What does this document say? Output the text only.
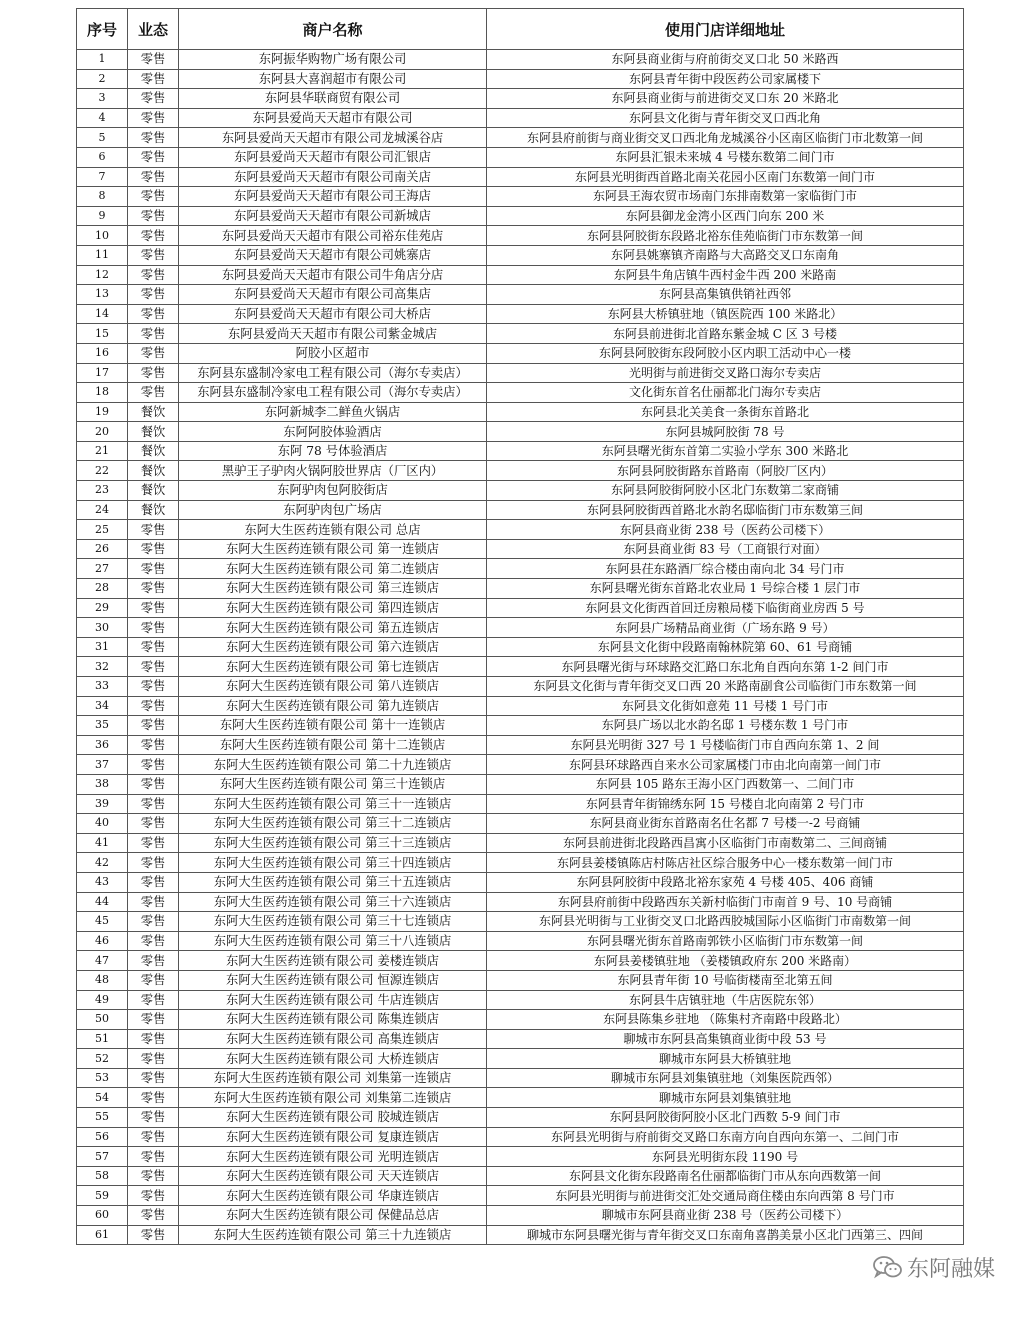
序号	业态	商户名称	使用门店详细地址
1	零售	东阿振华购物广场有限公司	东阿县商业街与府前街交叉口北 50 米路西
2	零售	东阿县大喜润超市有限公司	东阿县青年街中段医药公司家属楼下
3	零售	东阿县华联商贸有限公司	东阿县商业街与前进街交叉口东 20 米路北
4	零售	东阿县爱尚天天超市有限公司	东阿县文化街与青年街交叉口西北角
5	零售	东阿县爱尚天天超市有限公司龙城溪谷店	东阿县府前街与商业街交叉口西北角龙城溪谷小区南区临街门市北数第一间
6	零售	东阿县爱尚天天超市有限公司汇银店	东阿县汇银未来城 4 号楼东数第二间门市
7	零售	东阿县爱尚天天超市有限公司南关店	东阿县光明街西首路北南关花园小区南门东数第一间门市
8	零售	东阿县爱尚天天超市有限公司王海店	东阿县王海农贸市场南门东排南数第一家临街门市
9	零售	东阿县爱尚天天超市有限公司新城店	东阿县御龙金湾小区西门向东 200 米
10	零售	东阿县爱尚天天超市有限公司裕东佳苑店	东阿县阿胶街东段路北裕东佳苑临街门市东数第一间
11	零售	东阿县爱尚天天超市有限公司姚寨店	东阿县姚寨镇齐南路与大高路交叉口东南角
12	零售	东阿县爱尚天天超市有限公司牛角店分店	东阿县牛角店镇牛西村金牛西 200 米路南
13	零售	东阿县爱尚天天超市有限公司高集店	东阿县高集镇供销社西邻
14	零售	东阿县爱尚天天超市有限公司大桥店	东阿县大桥镇驻地（镇医院西 100 米路北）
15	零售	东阿县爱尚天天超市有限公司紫金城店	东阿县前进街北首路东紫金城 C 区 3 号楼
16	零售	阿胶小区超市	东阿县阿胶街东段阿胶小区内职工活动中心一楼
17	零售	东阿县东盛制冷家电工程有限公司（海尔专卖店）	光明街与前进街交叉路口海尔专卖店
18	零售	东阿县东盛制冷家电工程有限公司（海尔专卖店）	文化街东首名仕丽都北门海尔专卖店
19	餐饮	东阿新城李二鲜鱼火锅店	东阿县北关美食一条街东首路北
20	餐饮	东阿阿胶体验酒店	东阿县城阿胶街 78 号
21	餐饮	东阿 78 号体验酒店	东阿县曙光街东首第二实验小学东 300 米路北
22	餐饮	黑驴王子驴肉火锅阿胶世界店（厂区内）	东阿县阿胶街路东首路南（阿胶厂区内）
23	餐饮	东阿驴肉包阿胶街店	东阿县阿胶街阿胶小区北门东数第二家商铺
24	餐饮	东阿驴肉包广场店	东阿县阿胶街西首路北水韵名邸临街门市东数第三间
25	零售	东阿大生医药连锁有限公司 总店	东阿县商业街 238 号（医药公司楼下）
26	零售	东阿大生医药连锁有限公司 第一连锁店	东阿县商业街 83 号（工商银行对面）
27	零售	东阿大生医药连锁有限公司 第二连锁店	东阿县茌东路酒厂综合楼由南向北 34 号门市
28	零售	东阿大生医药连锁有限公司 第三连锁店	东阿县曙光街东首路北农业局 1 号综合楼 1 层门市
29	零售	东阿大生医药连锁有限公司 第四连锁店	东阿县文化街西首回迁房粮局楼下临街商业房西 5 号
30	零售	东阿大生医药连锁有限公司 第五连锁店	东阿县广场精品商业街（广场东路 9 号）
31	零售	东阿大生医药连锁有限公司 第六连锁店	东阿县文化街中段路南翰林院第 60、61 号商铺
32	零售	东阿大生医药连锁有限公司 第七连锁店	东阿县曙光街与环球路交汇路口东北角自西向东第 1-2 间门市
33	零售	东阿大生医药连锁有限公司 第八连锁店	东阿县文化街与青年街交叉口西 20 米路南副食公司临街门市东数第一间
34	零售	东阿大生医药连锁有限公司 第九连锁店	东阿县文化街如意苑 11 号楼 1 号门市
35	零售	东阿大生医药连锁有限公司 第十一连锁店	东阿县广场以北水韵名邸 1 号楼东数 1 号门市
36	零售	东阿大生医药连锁有限公司 第十二连锁店	东阿县光明街 327 号 1 号楼临街门市自西向东第 1、2 间
37	零售	东阿大生医药连锁有限公司 第二十九连锁店	东阿县环球路西自来水公司家属楼门市由北向南第一间门市
38	零售	东阿大生医药连锁有限公司 第三十连锁店	东阿县 105 路东王海小区门西数第一、二间门市
39	零售	东阿大生医药连锁有限公司 第三十一连锁店	东阿县青年街锦绣东阿 15 号楼自北向南第 2 号门市
40	零售	东阿大生医药连锁有限公司 第三十二连锁店	东阿县商业街东首路南名仕名都 7 号楼一-2 号商铺
41	零售	东阿大生医药连锁有限公司 第三十三连锁店	东阿县前进街北段路西昌寓小区临街门市南数第二、三间商铺
42	零售	东阿大生医药连锁有限公司 第三十四连锁店	东阿县姜楼镇陈店村陈店社区综合服务中心一楼东数第一间门市
43	零售	东阿大生医药连锁有限公司 第三十五连锁店	东阿县阿胶街中段路北裕东家苑 4 号楼 405、406 商铺
44	零售	东阿大生医药连锁有限公司 第三十六连锁店	东阿县府前街中段路西东关新村临街门市南首 9 号、10 号商铺
45	零售	东阿大生医药连锁有限公司 第三十七连锁店	东阿县光明街与工业街交叉口北路西胶城国际小区临街门市南数第一间
46	零售	东阿大生医药连锁有限公司 第三十八连锁店	东阿县曙光街东首路南郭铁小区临街门市东数第一间
47	零售	东阿大生医药连锁有限公司 姜楼连锁店	东阿县姜楼镇驻地 （姜楼镇政府东 200 米路南）
48	零售	东阿大生医药连锁有限公司 恒源连锁店	东阿县青年街 10 号临街楼南至北第五间
49	零售	东阿大生医药连锁有限公司 牛店连锁店	东阿县牛店镇驻地（牛店医院东邻）
50	零售	东阿大生医药连锁有限公司 陈集连锁店	东阿县陈集乡驻地 （陈集村齐南路中段路北）
51	零售	东阿大生医药连锁有限公司 高集连锁店	聊城市东阿县高集镇商业街中段 53 号
52	零售	东阿大生医药连锁有限公司 大桥连锁店	聊城市东阿县大桥镇驻地
53	零售	东阿大生医药连锁有限公司 刘集第一连锁店	聊城市东阿县刘集镇驻地（刘集医院西邻）
54	零售	东阿大生医药连锁有限公司 刘集第二连锁店	聊城市东阿县刘集镇驻地
55	零售	东阿大生医药连锁有限公司 胶城连锁店	东阿县阿胶街阿胶小区北门西数 5-9 间门市
56	零售	东阿大生医药连锁有限公司 复康连锁店	东阿县光明街与府前街交叉路口东南方向自西向东第一、二间门市
57	零售	东阿大生医药连锁有限公司 光明连锁店	东阿县光明街东段 1190 号
58	零售	东阿大生医药连锁有限公司 天天连锁店	东阿县文化街东段路南名仕丽都临街门市从东向西数第一间
59	零售	东阿大生医药连锁有限公司 华康连锁店	东阿县光明街与前进街交汇处交通局商住楼由东向西第 8 号门市
60	零售	东阿大生医药连锁有限公司 保健品总店	聊城市东阿县商业街 238 号（医药公司楼下）
61	零售	东阿大生医药连锁有限公司 第三十九连锁店	聊城市东阿县曙光街与青年街交叉口东南角喜鹊美景小区北门西第三、四间
东阿融媒
